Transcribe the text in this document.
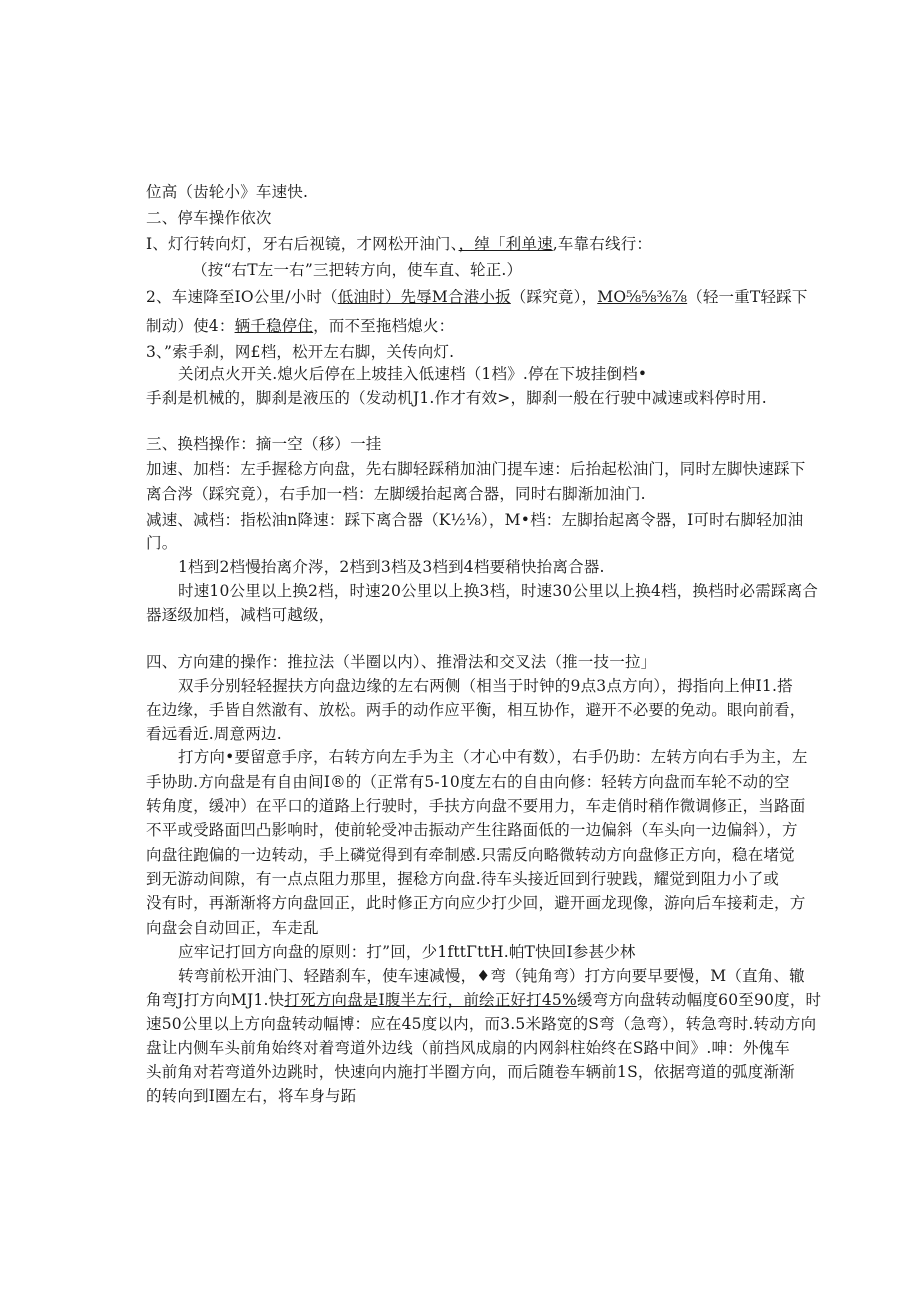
位高（齿轮小》车速快.
二、停车操作依次
I、灯行转向灯，牙右后视镜，才网松开油门、，绰「利单速,车靠右线行：
（按“右T左一右”三把转方向，使车直、轮正.）
2、车速降至IO公里/小时（低油时）先辱M合港小扳（踩究竟），MO⅝⅝⅜⅞（轻一重T轻踩下
制动）使4：辆千稳停住，而不至拖档熄火：
3、”索手刹，网£档，松开左右脚，关传向灯.
关闭点火开关.熄火后停在上坡挂入低速档（1档》.停在下坡挂倒档•
手刹是机械的，脚刹是液压的（发动机J1.作才有效>，脚刹一般在行驶中减速或料停时用.
三、换档操作：摘一空（移）一挂
加速、加档：左手握稔方向盘，先右脚轻踩稍加油门提车速：后抬起松油门，同时左脚快速踩下
离合涔（踩究竟），右手加一档：左脚缓抬起离合器，同时右脚渐加油门.
减速、减档：指松油n降速：踩下离合器（K½⅛），M•档：左脚抬起离令器，I可时右脚轻加油
门。
1档到2档慢抬离介涔，2档到3档及3档到4档要稍快抬离合器.
时速10公里以上换2档，时速20公里以上换3档，时速30公里以上换4档，换档时必需踩离合
器逐级加档，减档可越级，
四、方向建的操作：推拉法（半圈以内）、推滑法和交叉法（推一技一拉」
双手分别轻轻握扶方向盘边缘的左右两侧（相当于时钟的9点3点方向），拇指向上伸I1.搭
在边缘，手皆自然澈有、放松。两手的动作应平衡，相互协作，避开不必要的免动。眼向前看，
看远看近.周意两边.
打方向•要留意手序，右转方向左手为主（才心中有数），右手仍助：左转方向右手为主，左
手协助.方向盘是有自由间I®的（正常有5-10度左右的自由向修：轻转方向盘而车轮不动的空
转角度，缓冲）在平口的道路上行驶时，手扶方向盘不要用力，车走俏时稍作微调修正，当路面
不平或受路面凹凸影响时，使前轮受冲击振动产生往路面低的一边偏斜（车头向一边偏斜），方
向盘往跑偏的一边转动，手上磷觉得到有牵制感.只需反向略微转动方向盘修正方向，稳在堵觉
到无游动间隙，有一点点阻力那里，握稔方向盘.待车头接近回到行驶践，耀觉到阻力小了或
没有时，再渐渐将方向盘回正，此时修正方向应少打少回，避开画龙现像，游向后车接莉走，方
向盘会自动回正，车走乱
应牢记打回方向盘的原则：打”回，少1fttΓttH.帕T快回I参甚少林
转弯前松开油门、轻踏刹车，使车速减慢，♦弯（钝角弯）打方向要早要慢，M（直角、辙
角弯J打方向MJ1.快打死方向盘是I腹半左行，前绘正好打45%缓弯方向盘转动幅度60至90度，时
速50公里以上方向盘转动幅博：应在45度以内，而3.5米路宽的S弯（急弯），转急弯时.转动方向
盘让内侧车头前角始终对着弯道外边线（前挡风成扇的内网斜柱始终在S路中间》.呻：外傀车
头前角对若弯道外边跳时，快速向内施打半圈方向，而后随卷车辆前1S，依据弯道的弧度渐渐
的转向到I圈左右，将车身与跖
